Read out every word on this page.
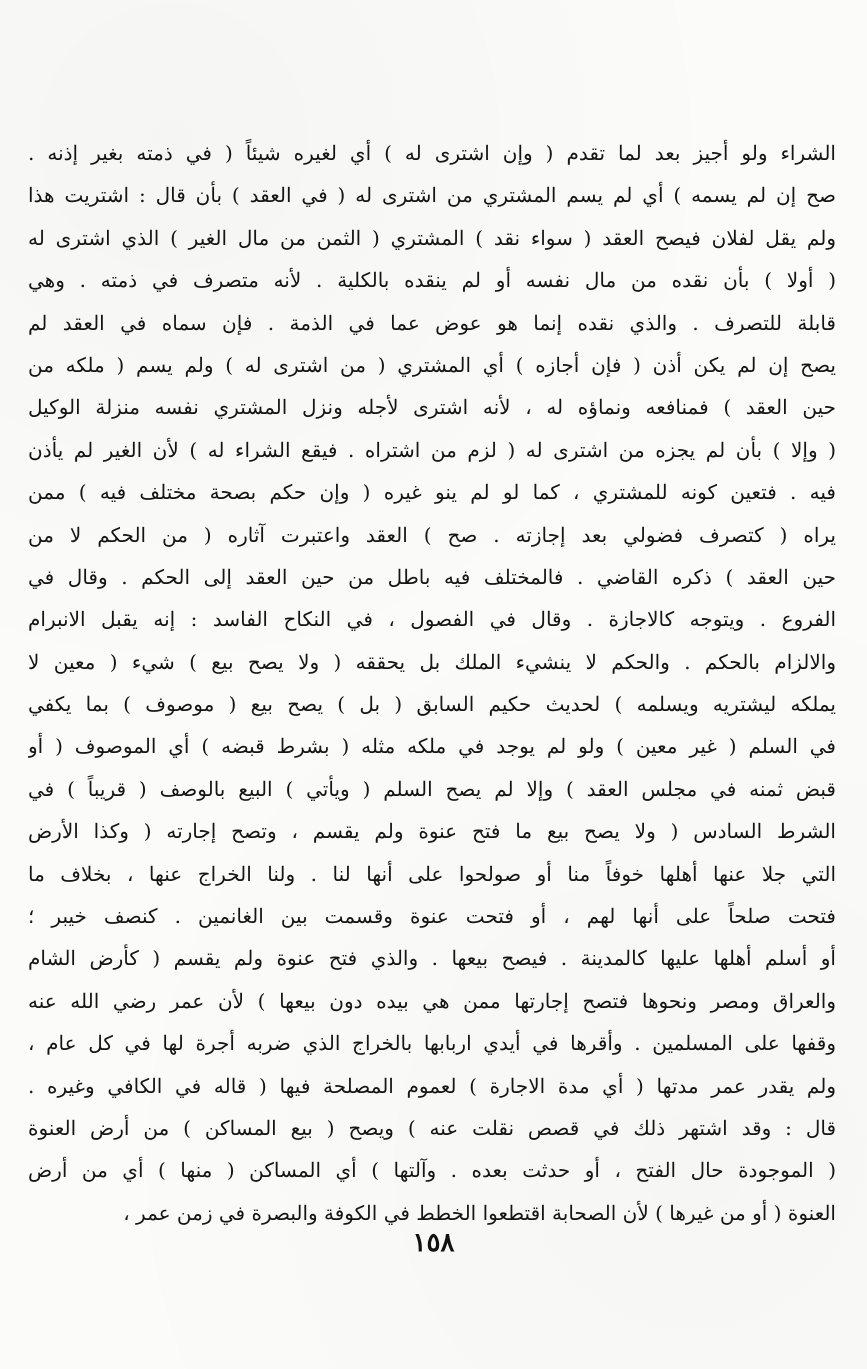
الشراء ولو أجيز بعد لما تقدم ( وإن اشترى له ) أي لغيره شيئاً ( في ذمته بغير إذنه .
صح إن لم يسمه ) أي لم يسم المشتري من اشترى له ( في العقد ) بأن قال : اشتريت هذا
ولم يقل لفلان فيصح العقد ( سواء نقد ) المشتري ( الثمن من مال الغير ) الذي اشترى له
( أولا ) بأن نقده من مال نفسه أو لم ينقده بالكلية . لأنه متصرف في ذمته . وهي
قابلة للتصرف . والذي نقده إنما هو عوض عما في الذمة . فإن سماه في العقد لم
يصح إن لم يكن أذن ( فإن أجازه ) أي المشتري ( من اشترى له ) ولم يسم ( ملكه من
حين العقد ) فمنافعه ونماؤه له ، لأنه اشترى لأجله ونزل المشتري نفسه منزلة الوكيل
( وإلا ) بأن لم يجزه من اشترى له ( لزم من اشتراه . فيقع الشراء له ) لأن الغير لم يأذن
فيه . فتعين كونه للمشتري ، كما لو لم ينو غيره ( وإن حكم بصحة مختلف فيه ) ممن
يراه ( كتصرف فضولي بعد إجازته . صح ) العقد واعتبرت آثاره ( من الحكم لا من
حين العقد ) ذكره القاضي . فالمختلف فيه باطل من حين العقد إلى الحكم . وقال في
الفروع . ويتوجه كالاجازة . وقال في الفصول ، في النكاح الفاسد : إنه يقبل الانبرام
والالزام بالحكم . والحكم لا ينشيء الملك بل يحققه ( ولا يصح بيع ) شيء ( معين لا
يملكه ليشتريه ويسلمه ) لحديث حكيم السابق ( بل ) يصح بيع ( موصوف ) بما يكفي
في السلم ( غير معين ) ولو لم يوجد في ملكه مثله ( بشرط قبضه ) أي الموصوف ( أو
قبض ثمنه في مجلس العقد ) وإلا لم يصح السلم ( ويأتي ) البيع بالوصف ( قريباً ) في
الشرط السادس ( ولا يصح بيع ما فتح عنوة ولم يقسم ، وتصح إجارته ( وكذا الأرض
التي جلا عنها أهلها خوفاً منا أو صولحوا على أنها لنا . ولنا الخراج عنها ، بخلاف ما
فتحت صلحاً على أنها لهم ، أو فتحت عنوة وقسمت بين الغانمين . كنصف خيبر ؛
أو أسلم أهلها عليها كالمدينة . فيصح بيعها . والذي فتح عنوة ولم يقسم ( كأرض الشام
والعراق ومصر ونحوها فتصح إجارتها ممن هي بيده دون بيعها ) لأن عمر رضي الله عنه
وقفها على المسلمين . وأقرها في أيدي اربابها بالخراج الذي ضربه أجرة لها في كل عام ،
ولم يقدر عمر مدتها ( أي مدة الاجارة ) لعموم المصلحة فيها ( قاله في الكافي وغيره .
قال : وقد اشتهر ذلك في قصص نقلت عنه ) ويصح ( بيع المساكن ) من أرض العنوة
( الموجودة حال الفتح ، أو حدثت بعده . وآلتها ) أي المساكن ( منها ) أي من أرض
العنوة ( أو من غيرها ) لأن الصحابة اقتطعوا الخطط في الكوفة والبصرة في زمن عمر ،
١٥٨
